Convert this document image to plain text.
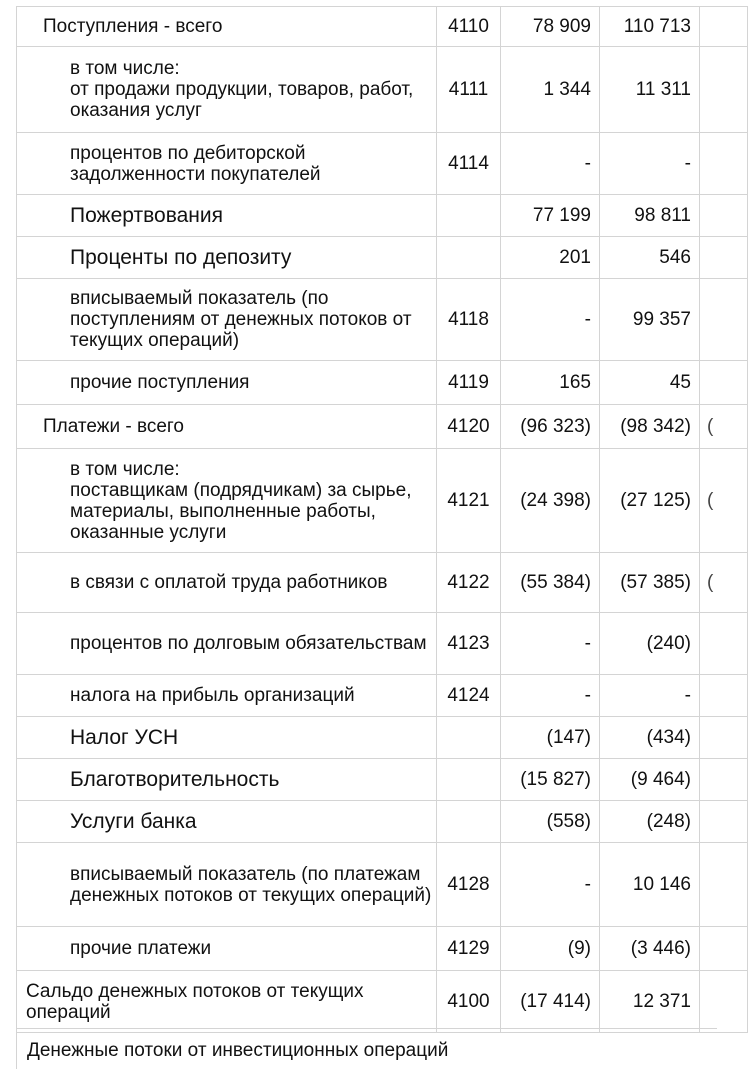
Поступления - всего	4110	78 909	110 713	
в том числе:
от продажи продукции, товаров, работ, оказания услуг	4111	1 344	11 311	
процентов по дебиторской задолженности покупателей	4114	-	-	
Пожертвования		77 199	98 811	
Проценты по депозиту		201	546	
вписываемый показатель (по поступлениям от денежных потоков от текущих операций)	4118	-	99 357	
прочие поступления	4119	165	45	
Платежи - всего	4120	(96 323)	(98 342)	(
в том числе:
поставщикам (подрядчикам) за сырье, материалы, выполненные работы, оказанные услуги	4121	(24 398)	(27 125)	(
в связи с оплатой труда работников	4122	(55 384)	(57 385)	(
процентов по долговым обязательствам	4123	-	(240)	
налога на прибыль организаций	4124	-	-	
Налог УСН		(147)	(434)	
Благотворительность		(15 827)	(9 464)	
Услуги банка		(558)	(248)	
вписываемый показатель (по платежам денежных потоков от текущих операций)	4128	-	10 146	
прочие платежи	4129	(9)	(3 446)	
Сальдо денежных потоков от текущих операций	4100	(17 414)	12 371	
Денежные потоки от инвестиционных операций
